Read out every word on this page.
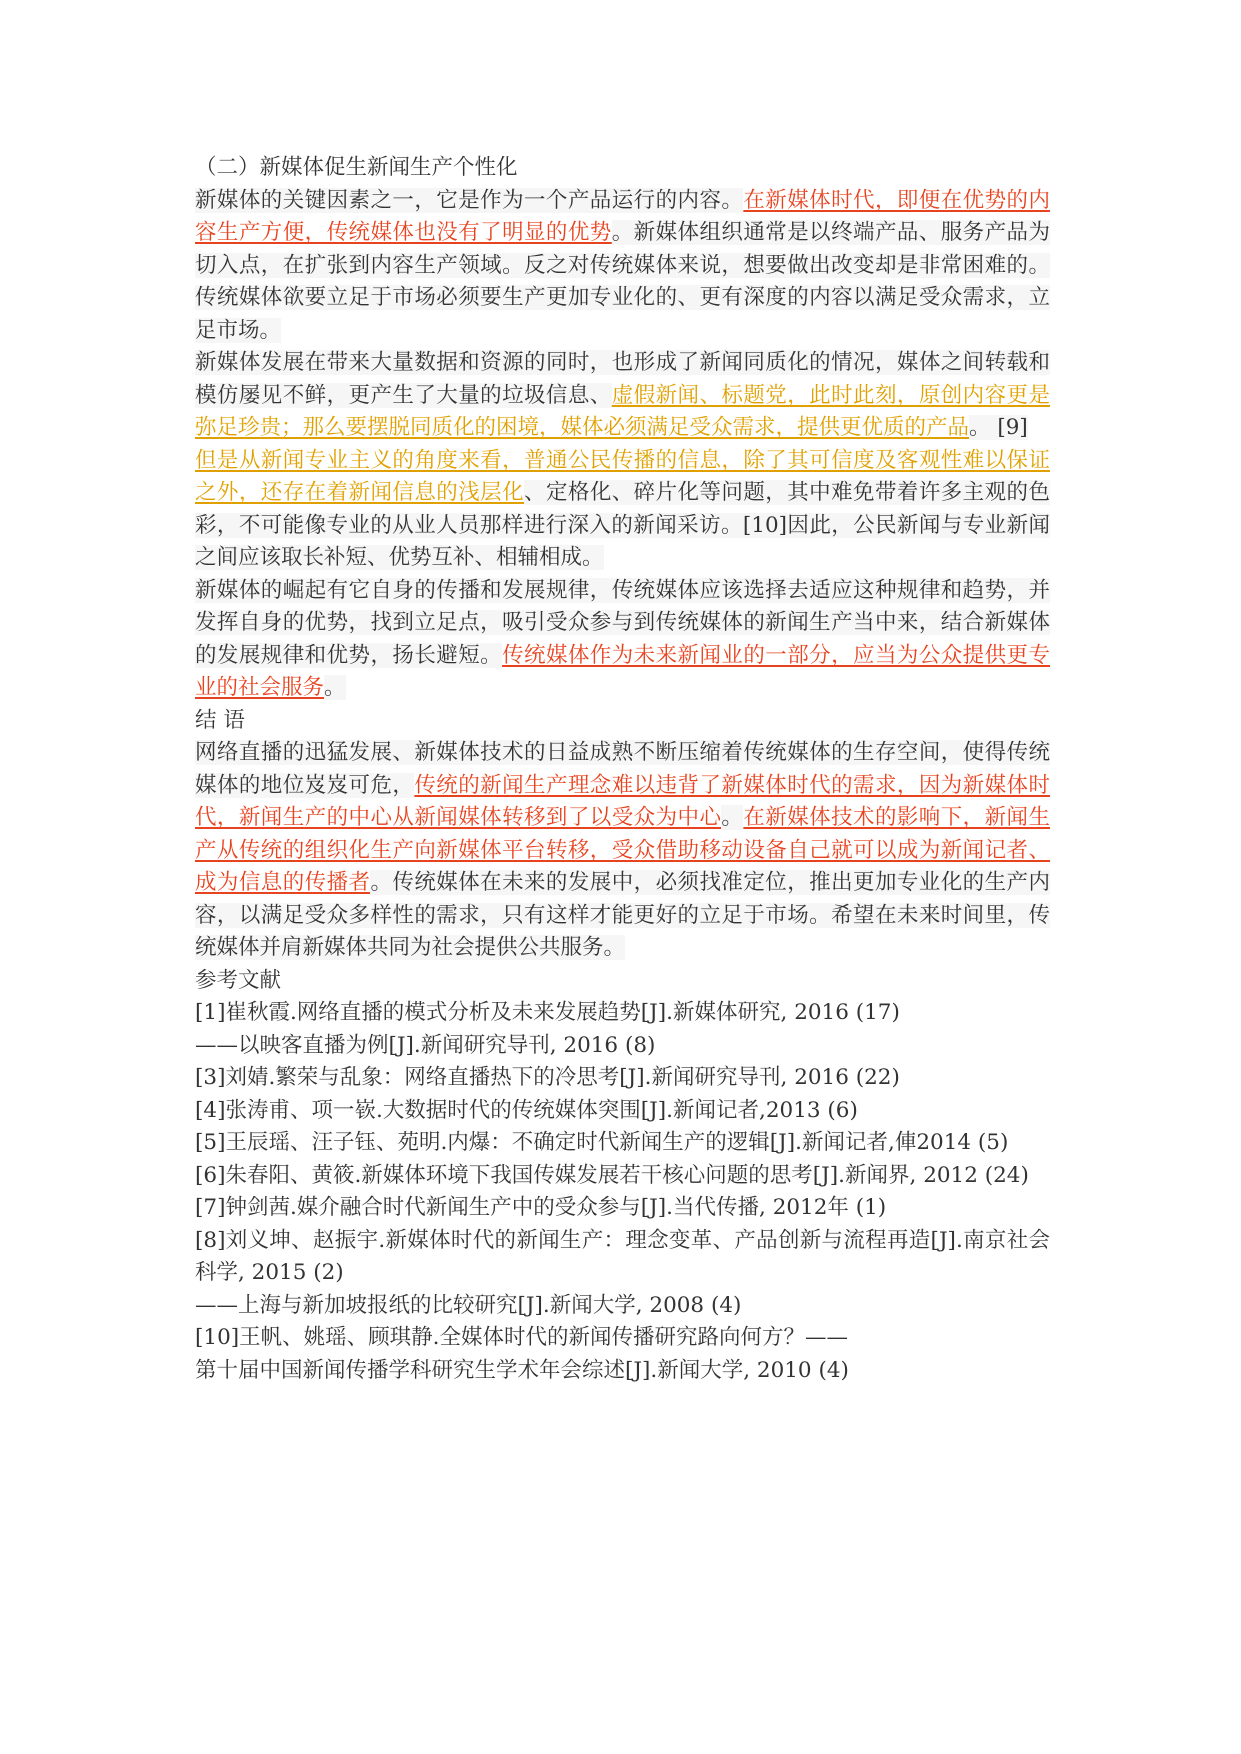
（二）新媒体促生新闻生产个性化

新媒体的关键因素之一，它是作为一个产品运行的内容。在新媒体时代，即便在优势的内容生产方便，传统媒体也没有了明显的优势。新媒体组织通常是以终端产品、服务产品为切入点，在扩张到内容生产领域。反之对传统媒体来说，想要做出改变却是非常困难的。传统媒体欲要立足于市场必须要生产更加专业化的、更有深度的内容以满足受众需求，立足市场。

新媒体发展在带来大量数据和资源的同时，也形成了新闻同质化的情况，媒体之间转载和模仿屡见不鲜，更产生了大量的垃圾信息、虚假新闻、标题党，此时此刻，原创内容更是弥足珍贵；那么要摆脱同质化的困境，媒体必须满足受众需求，提供更优质的产品。 [9]

但是从新闻专业主义的角度来看，普通公民传播的信息，除了其可信度及客观性难以保证之外，还存在着新闻信息的浅层化、定格化、碎片化等问题，其中难免带着许多主观的色彩，不可能像专业的从业人员那样进行深入的新闻采访。[10]因此，公民新闻与专业新闻之间应该取长补短、优势互补、相辅相成。

新媒体的崛起有它自身的传播和发展规律，传统媒体应该选择去适应这种规律和趋势，并发挥自身的优势，找到立足点，吸引受众参与到传统媒体的新闻生产当中来，结合新媒体的发展规律和优势，扬长避短。传统媒体作为未来新闻业的一部分，应当为公众提供更专业的社会服务。

结 语

网络直播的迅猛发展、新媒体技术的日益成熟不断压缩着传统媒体的生存空间，使得传统媒体的地位岌岌可危，传统的新闻生产理念难以违背了新媒体时代的需求，因为新媒体时代，新闻生产的中心从新闻媒体转移到了以受众为中心。在新媒体技术的影响下，新闻生产从传统的组织化生产向新媒体平台转移，受众借助移动设备自己就可以成为新闻记者、成为信息的传播者。传统媒体在未来的发展中，必须找准定位，推出更加专业化的生产内容，以满足受众多样性的需求，只有这样才能更好的立足于市场。希望在未来时间里，传统媒体并肩新媒体共同为社会提供公共服务。

参考文献

[1]崔秋霞.网络直播的模式分析及未来发展趋势[J].新媒体研究, 2016 (17)

——以映客直播为例[J].新闻研究导刊, 2016 (8)

[3]刘婧.繁荣与乱象：网络直播热下的冷思考[J].新闻研究导刊, 2016 (22)

[4]张涛甫、项一嵚.大数据时代的传统媒体突围[J].新闻记者,2013 (6)

[5]王辰瑶、汪子钰、苑明.内爆：不确定时代新闻生产的逻辑[J].新闻记者,俥2014 (5)

[6]朱春阳、黄筱.新媒体环境下我国传媒发展若干核心问题的思考[J].新闻界, 2012 (24)

[7]钟剑茜.媒介融合时代新闻生产中的受众参与[J].当代传播, 2012年 (1)

[8]刘义坤、赵振宇.新媒体时代的新闻生产：理念变革、产品创新与流程再造[J].南京社会科学, 2015 (2)

——上海与新加坡报纸的比较研究[J].新闻大学, 2008 (4)

[10]王帆、姚瑶、顾琪静.全媒体时代的新闻传播研究路向何方？——

第十届中国新闻传播学科研究生学术年会综述[J].新闻大学, 2010 (4)
